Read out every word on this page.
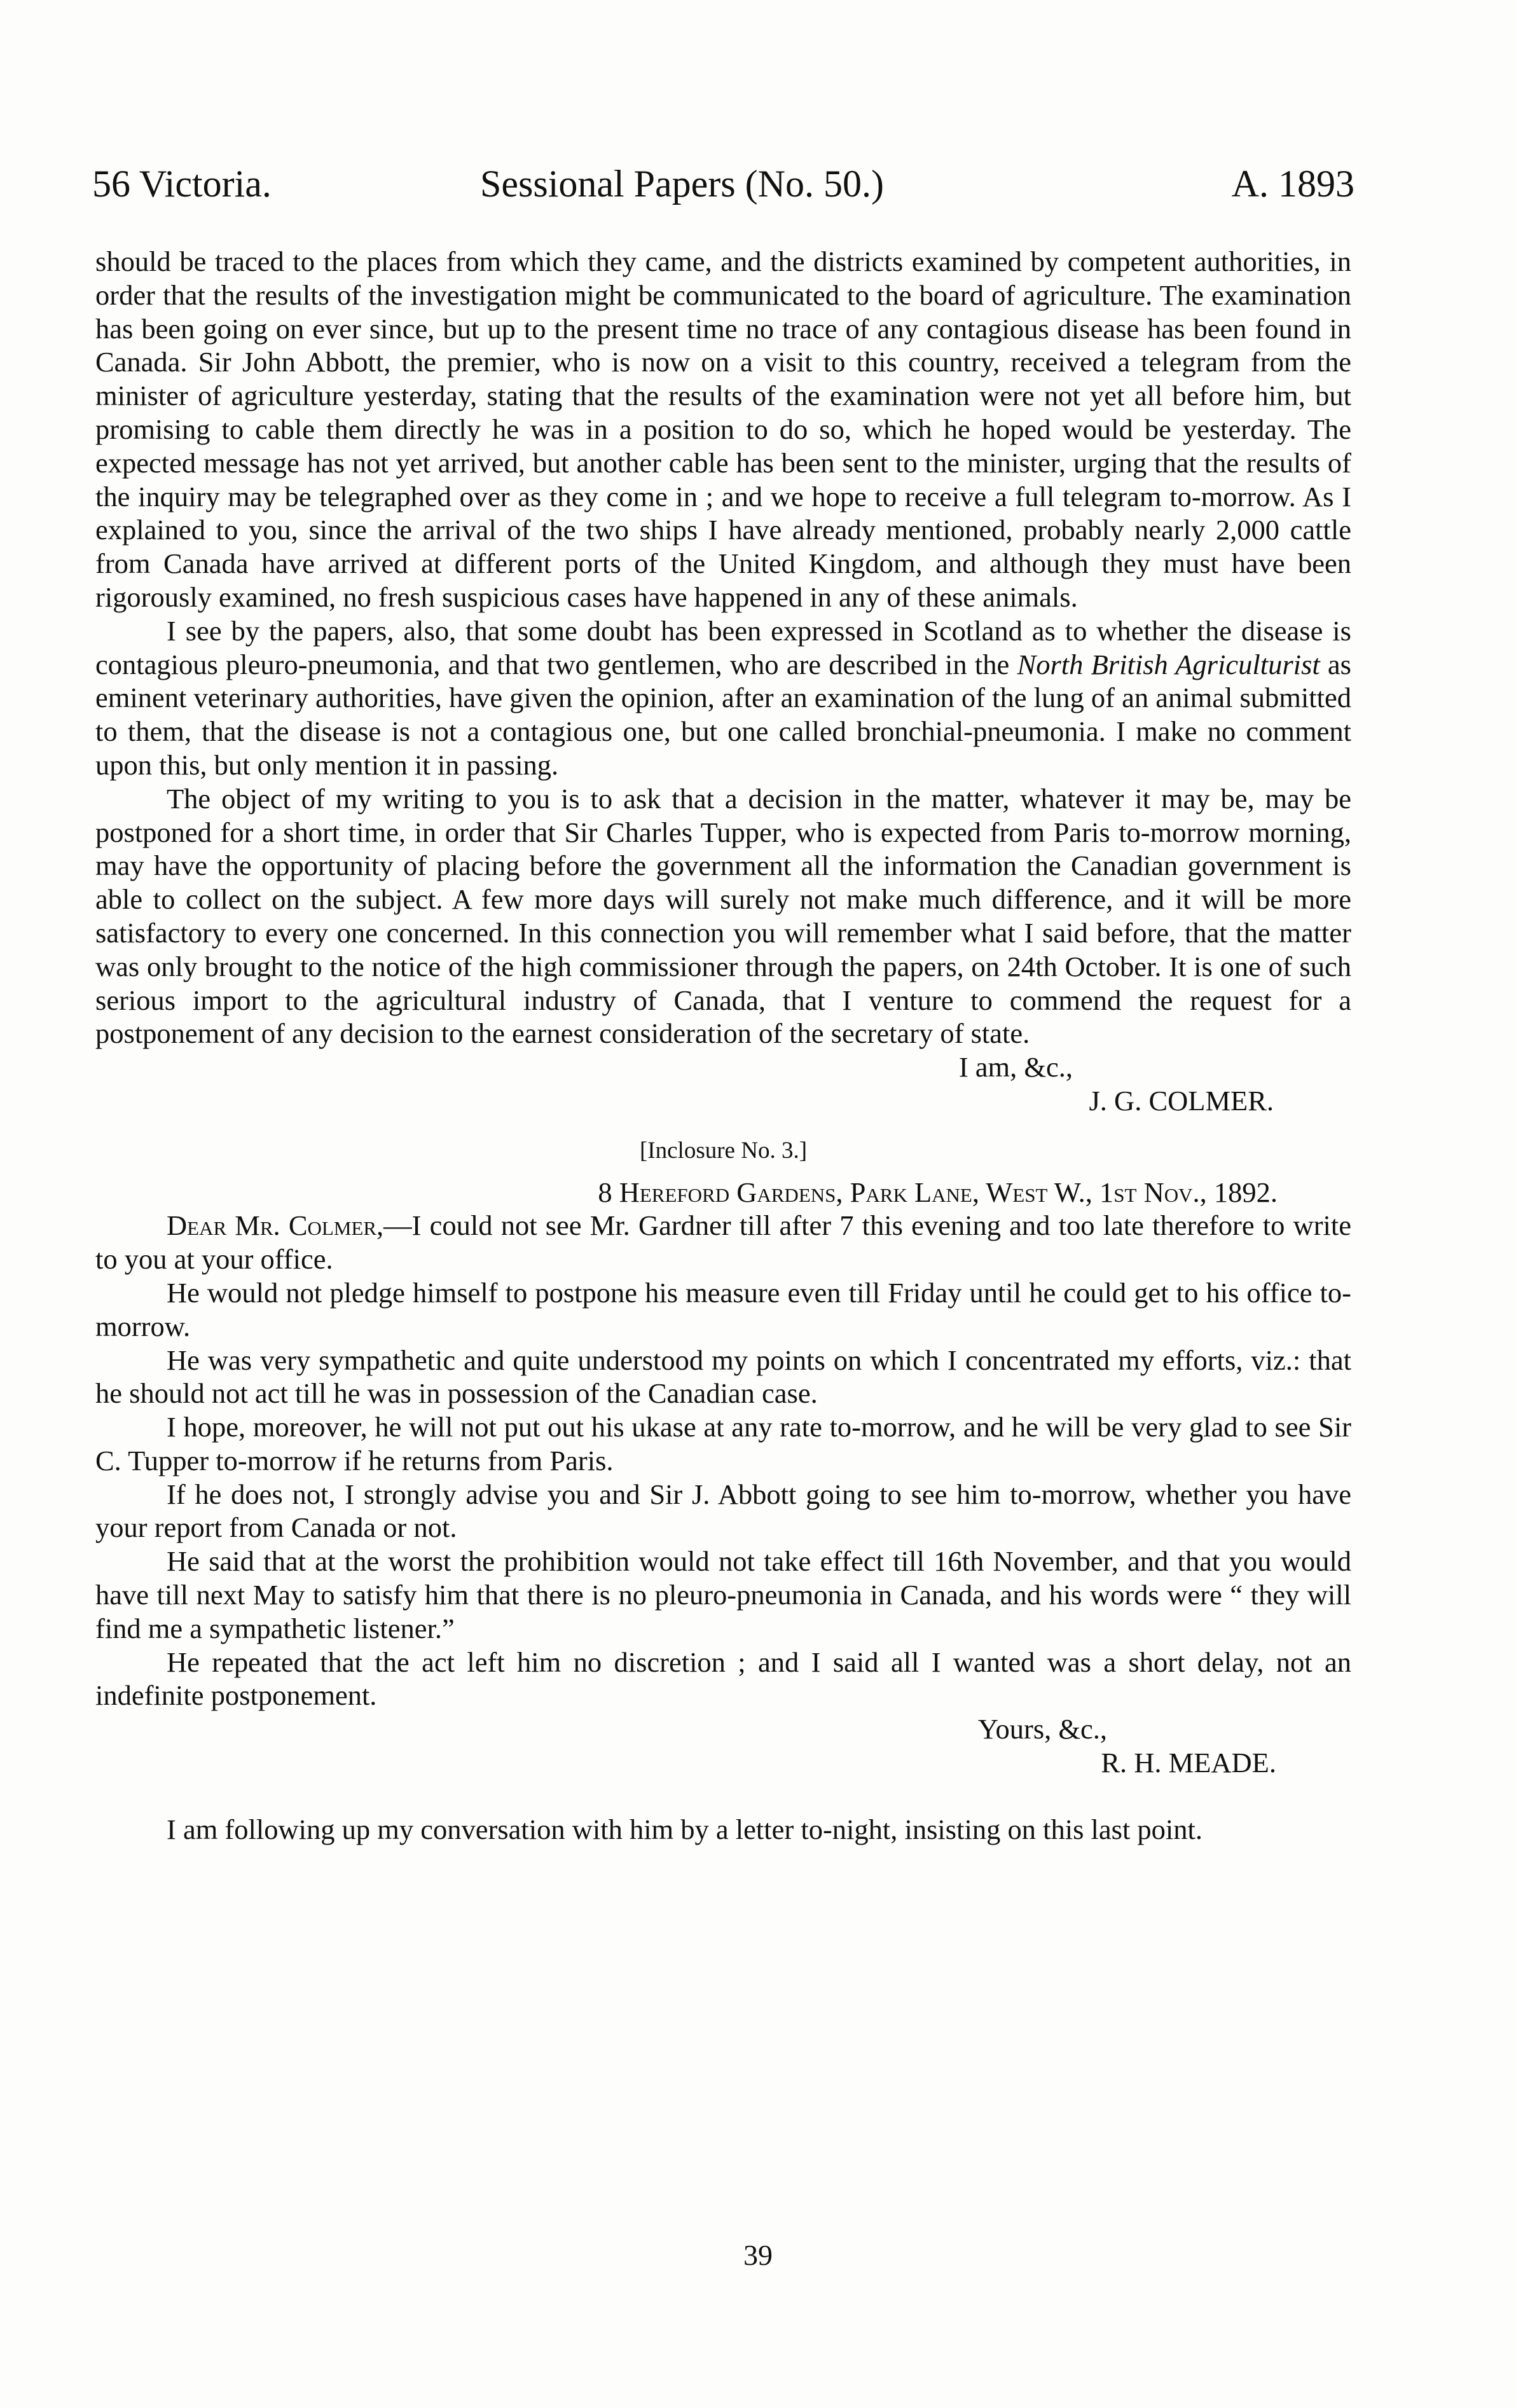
56 Victoria.	Sessional Papers (No. 50.)	A. 1893

should be traced to the places from which they came, and the districts examined by competent authorities, in order that the results of the investigation might be communicated to the board of agriculture. The examination has been going on ever since, but up to the present time no trace of any contagious disease has been found in Canada. Sir John Abbott, the premier, who is now on a visit to this country, received a telegram from the minister of agriculture yesterday, stating that the results of the examination were not yet all before him, but promising to cable them directly he was in a position to do so, which he hoped would be yesterday. The expected message has not yet arrived, but another cable has been sent to the minister, urging that the results of the inquiry may be telegraphed over as they come in ; and we hope to receive a full telegram to-morrow. As I explained to you, since the arrival of the two ships I have already mentioned, probably nearly 2,000 cattle from Canada have arrived at different ports of the United Kingdom, and although they must have been rigorously examined, no fresh suspicious cases have happened in any of these animals.

I see by the papers, also, that some doubt has been expressed in Scotland as to whether the disease is contagious pleuro-pneumonia, and that two gentlemen, who are described in the North British Agriculturist as eminent veterinary authorities, have given the opinion, after an examination of the lung of an animal submitted to them, that the disease is not a contagious one, but one called bronchial-pneumonia. I make no comment upon this, but only mention it in passing.

The object of my writing to you is to ask that a decision in the matter, whatever it may be, may be postponed for a short time, in order that Sir Charles Tupper, who is expected from Paris to-morrow morning, may have the opportunity of placing before the government all the information the Canadian government is able to collect on the subject. A few more days will surely not make much difference, and it will be more satisfactory to every one concerned. In this connection you will remember what I said before, that the matter was only brought to the notice of the high commissioner through the papers, on 24th October. It is one of such serious import to the agricultural industry of Canada, that I venture to commend the request for a postponement of any decision to the earnest consideration of the secretary of state.

I am, &c.,

J. G. COLMER.

[Inclosure No. 3.]

8 Hereford Gardens, Park Lane, West W., 1st Nov., 1892.

Dear Mr. Colmer,—I could not see Mr. Gardner till after 7 this evening and too late therefore to write to you at your office.

He would not pledge himself to postpone his measure even till Friday until he could get to his office to-morrow.

He was very sympathetic and quite understood my points on which I concentrated my efforts, viz.: that he should not act till he was in possession of the Canadian case.

I hope, moreover, he will not put out his ukase at any rate to-morrow, and he will be very glad to see Sir C. Tupper to-morrow if he returns from Paris.

If he does not, I strongly advise you and Sir J. Abbott going to see him to-morrow, whether you have your report from Canada or not.

He said that at the worst the prohibition would not take effect till 16th November, and that you would have till next May to satisfy him that there is no pleuro-pneumonia in Canada, and his words were “ they will find me a sympathetic listener.”

He repeated that the act left him no discretion ; and I said all I wanted was a short delay, not an indefinite postponement.

Yours, &c.,

R. H. MEADE.

I am following up my conversation with him by a letter to-night, insisting on this last point.

39
